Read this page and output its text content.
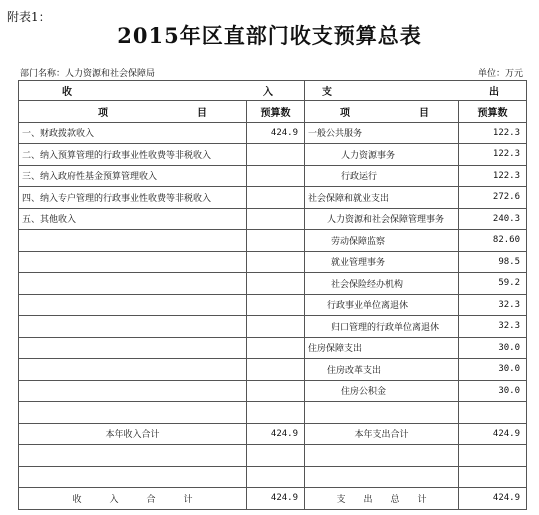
附表1：
2015年区直部门收支预算总表
部门名称：人力资源和社会保障局	单位：万元
收 入		支 出	

项 目	预算数	项 目	预算数
一、财政拨款收入	424.9	一般公共服务	122.3
二、纳入预算管理的行政事业性收费等非税收入		人力资源事务	122.3
三、纳入政府性基金预算管理收入		行政运行	122.3
四、纳入专户管理的行政事业性收费等非税收入		社会保障和就业支出	272.6
五、其他收入		人力资源和社会保障管理事务	240.3
		劳动保障监察	82.60
		就业管理事务	98.5
		社会保险经办机构	59.2
		行政事业单位离退休	32.3
		归口管理的行政单位离退休	32.3
		住房保障支出	30.0
		住房改革支出	30.0
		住房公积金	30.0

本年收入合计	424.9	本年支出合计	424.9

收 入 合 计	424.9	支 出 总 计	424.9
